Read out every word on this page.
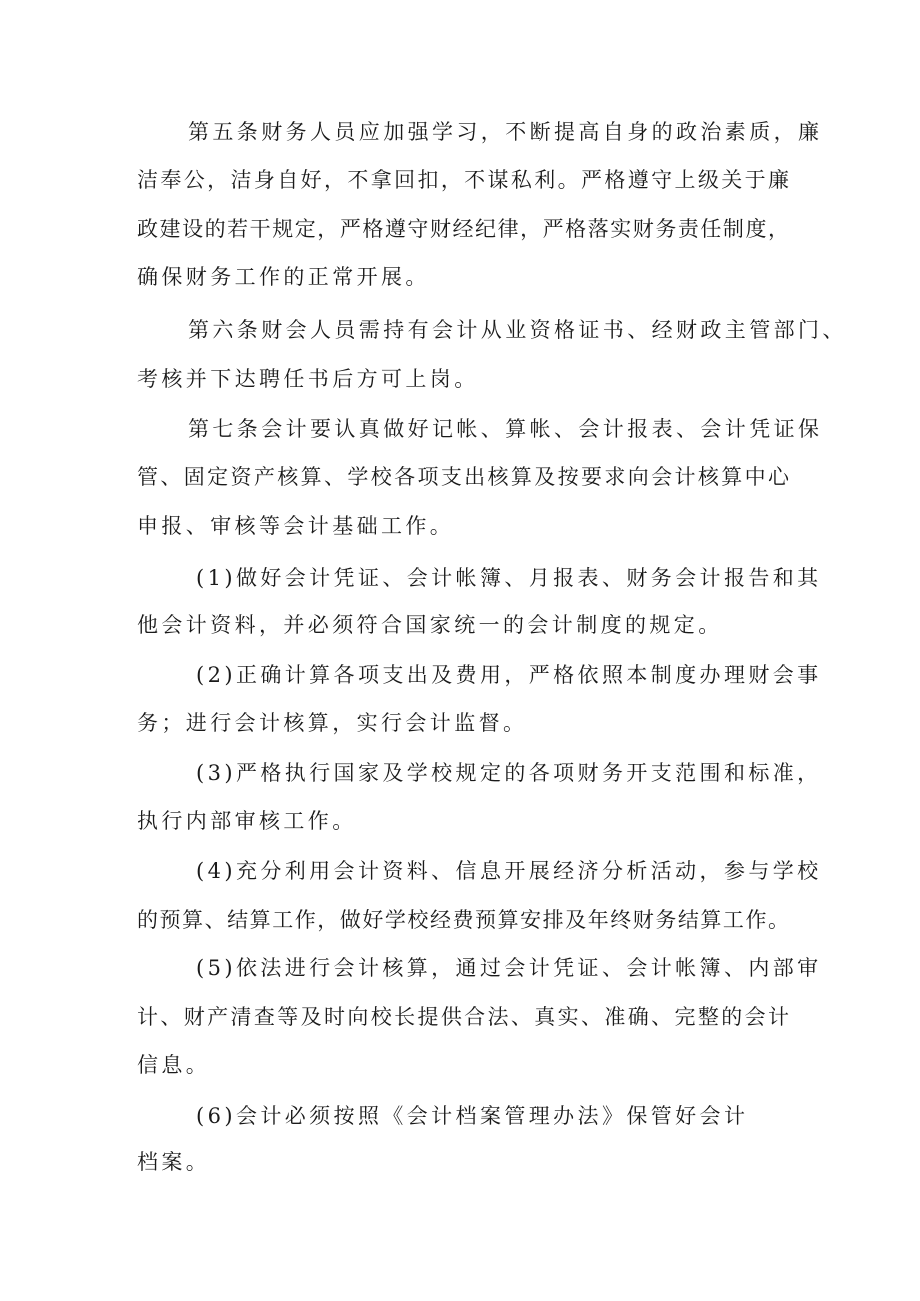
第五条财务人员应加强学习，不断提高自身的政治素质，廉
洁奉公，洁身自好，不拿回扣，不谋私利。严格遵守上级关于廉
政建设的若干规定，严格遵守财经纪律，严格落实财务责任制度，
确保财务工作的正常开展。
第六条财会人员需持有会计从业资格证书、经财政主管部门、
考核并下达聘任书后方可上岗。
第七条会计要认真做好记帐、算帐、会计报表、会计凭证保
管、固定资产核算、学校各项支出核算及按要求向会计核算中心
申报、审核等会计基础工作。
(1)做好会计凭证、会计帐簿、月报表、财务会计报告和其
他会计资料，并必须符合国家统一的会计制度的规定。
(2)正确计算各项支出及费用，严格依照本制度办理财会事
务；进行会计核算，实行会计监督。
(3)严格执行国家及学校规定的各项财务开支范围和标准，
执行内部审核工作。
(4)充分利用会计资料、信息开展经济分析活动，参与学校
的预算、结算工作，做好学校经费预算安排及年终财务结算工作。
(5)依法进行会计核算，通过会计凭证、会计帐簿、内部审
计、财产清查等及时向校长提供合法、真实、准确、完整的会计
信息。
(6)会计必须按照《会计档案管理办法》保管好会计
档案。
